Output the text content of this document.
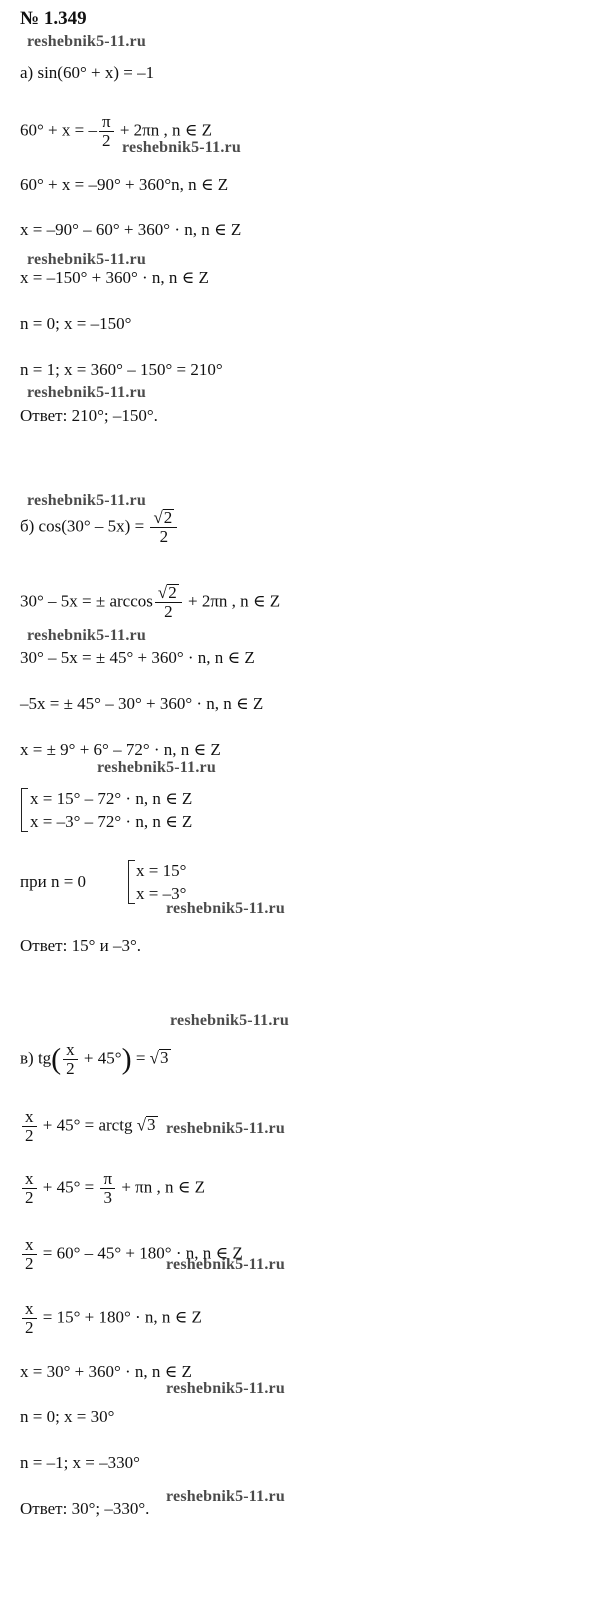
№ 1.349
reshebnik5-11.ru
reshebnik5-11.ru
reshebnik5-11.ru
reshebnik5-11.ru
reshebnik5-11.ru
reshebnik5-11.ru
reshebnik5-11.ru
reshebnik5-11.ru
reshebnik5-11.ru
reshebnik5-11.ru
reshebnik5-11.ru
reshebnik5-11.ru
reshebnik5-11.ru
а) sin(60° + x) = –1
60° + x = – $\frac{\pi}{2} + 2\pi n$ , n ∈ Z
60° + x = –90° + 360°n, n ∈ Z
x = –90° – 60° + 360° · n, n ∈ Z
x = –150° + 360° · n, n ∈ Z
n = 0; x = –150°
n = 1; x = 360° – 150° = 210°
Ответ: 210°; –150°.
б) $\cos(30^\circ - 5x) = \frac{√2}{2}$
30° – 5x = ± $\arccos \frac{√2}{2} + 2\pi n$ , n ∈ Z
30° – 5x = ± 45° + 360° · n, n ∈ Z
–5x = ± 45° – 30° + 360° · n, n ∈ Z
x = ± 9° + 6° – 72° · n, n ∈ Z
x = 15° – 72° · n, n ∈ Z
x = –3° – 72° · n, n ∈ Z
при n = 0
x = 15°
x = –3°
Ответ: 15° и –3°.
в) $tg( \frac{x}{2} + 45^\circ) = √3$
$\frac{x}{2} + 45^\circ$ = arctg √3
$\frac{x}{2} + 45^\circ = \frac{\pi}{3} + \pi n$ , n ∈ Z
$\frac{x}{2} = 60^\circ - 45^\circ + 180^\circ \cdot n$, n ∈ Z
$\frac{x}{2} = 15^\circ + 180^\circ \cdot n$, n ∈ Z
x = 30° + 360° · n, n ∈ Z
n = 0; x = 30°
n = –1; x = –330°
Ответ: 30°; –330°.
